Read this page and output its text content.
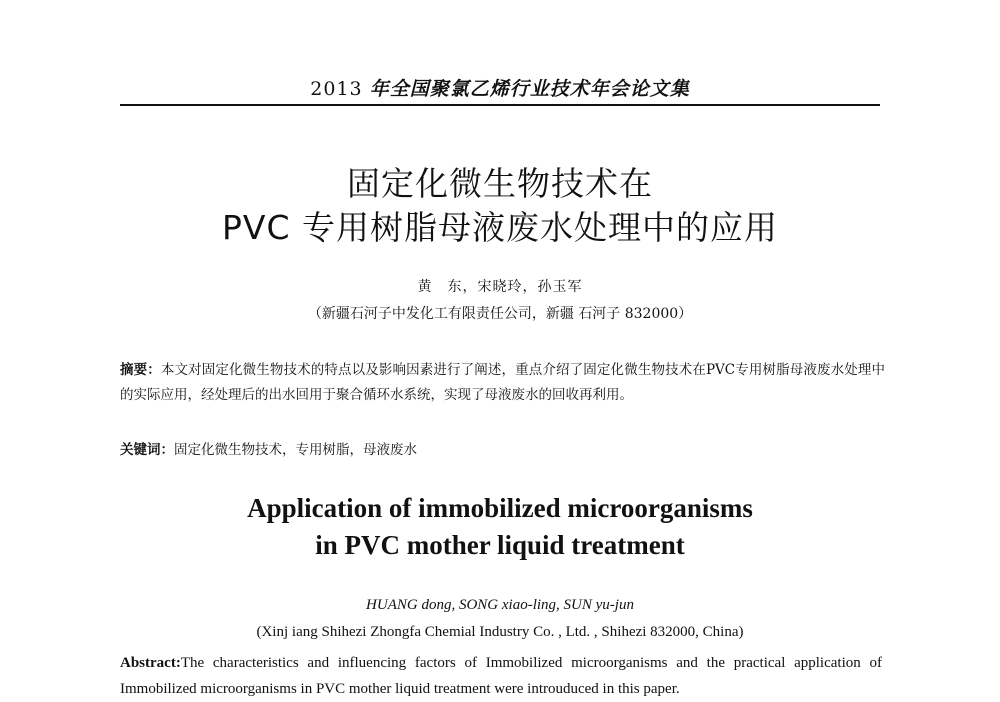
2013 年全国聚氯乙烯行业技术年会论文集
固定化微生物技术在
PVC 专用树脂母液废水处理中的应用
黄　东，宋晓玲，孙玉军
（新疆石河子中发化工有限责任公司，新疆 石河子 832000）
摘要：本文对固定化微生物技术的特点以及影响因素进行了阐述，重点介绍了固定化微生物技术在PVC专用树脂母液废水处理中的实际应用，经处理后的出水回用于聚合循环水系统，实现了母液废水的回收再利用。
关键词：固定化微生物技术，专用树脂，母液废水
Application of immobilized microorganisms
in PVC mother liquid treatment
HUANG dong, SONG xiao-ling, SUN yu-jun
(Xinj iang Shihezi Zhongfa Chemial Industry Co. , Ltd. , Shihezi 832000, China)
Abstract:The characteristics and influencing factors of Immobilized microorganisms and the practical application of Immobilized microorganisms in PVC mother liquid treatment were introuduced in this paper.
